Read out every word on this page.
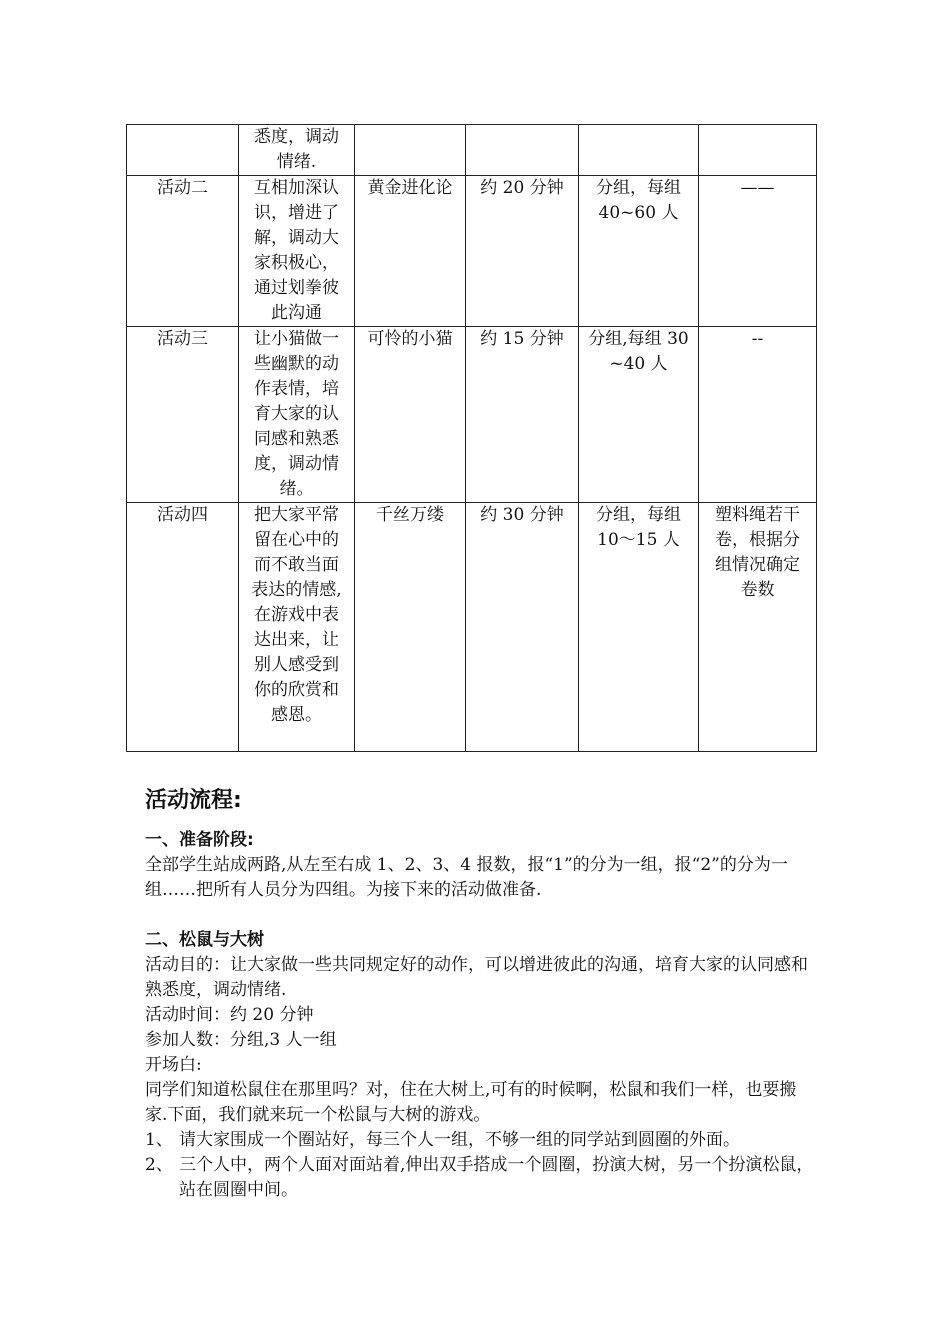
	悉度，调动情绪.				
活动二	互相加深认识，增进了解，调动大家积极心，通过划拳彼此沟通	黄金进化论	约 20 分钟	分组，每组 40~60 人	——
活动三	让小猫做一些幽默的动作表情，培育大家的认同感和熟悉度，调动情绪。	可怜的小猫	约 15 分钟	分组,每组 30~40 人	--
活动四	把大家平常留在心中的而不敢当面表达的情感,在游戏中表达出来，让别人感受到你的欣赏和感恩。	千丝万缕	约 30 分钟	分组，每组 10～15 人	塑料绳若干卷，根据分组情况确定卷数
活动流程:
一、准备阶段:

全部学生站成两路,从左至右成 1、2、3、4 报数，报“1”的分为一组，报“2”的分为一组……把所有人员分为四组。为接下来的活动做准备.

二、松鼠与大树

活动目的：让大家做一些共同规定好的动作，可以增进彼此的沟通，培育大家的认同感和熟悉度，调动情绪.

活动时间：约 20 分钟

参加人数：分组,3 人一组

开场白:

同学们知道松鼠住在那里吗？对，住在大树上,可有的时候啊，松鼠和我们一样，也要搬家.下面，我们就来玩一个松鼠与大树的游戏。

1、 请大家围成一个圈站好，每三个人一组，不够一组的同学站到圆圈的外面。
2、 三个人中，两个人面对面站着,伸出双手搭成一个圆圈，扮演大树，另一个扮演松鼠，站在圆圈中间。
